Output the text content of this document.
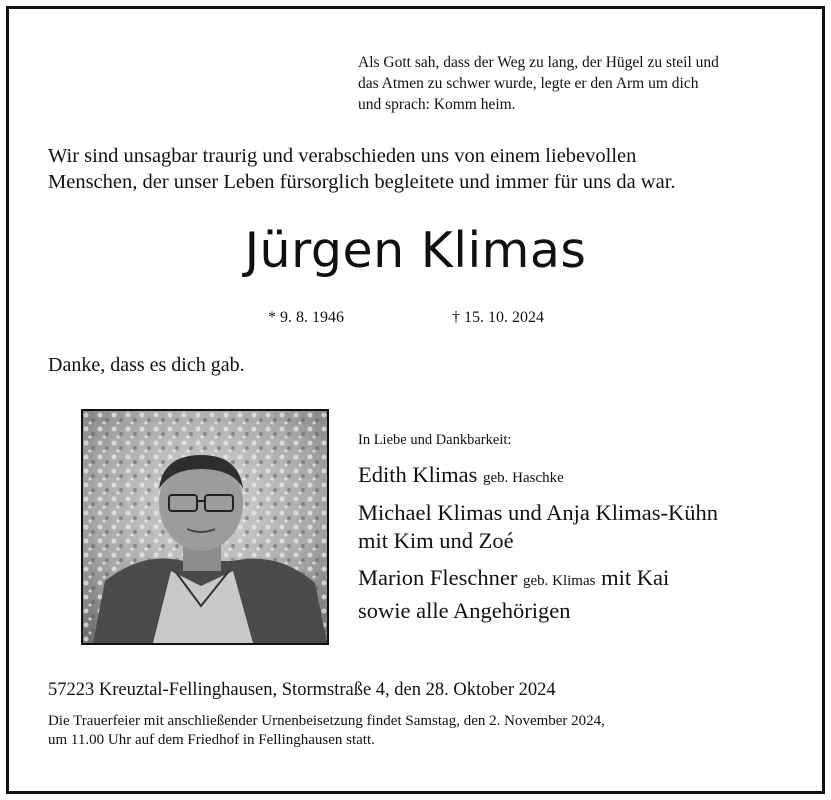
Als Gott sah, dass der Weg zu lang, der Hügel zu steil und
das Atmen zu schwer wurde, legte er den Arm um dich
und sprach: Komm heim.
Wir sind unsagbar traurig und verabschieden uns von einem liebevollen
Menschen, der unser Leben fürsorglich begleitete und immer für uns da war.
Jürgen Klimas
* 9. 8. 1946	† 15. 10. 2024
Danke, dass es dich gab.
In Liebe und Dankbarkeit:
Edith Klimas geb. Haschke
Michael Klimas und Anja Klimas-Kühn
mit Kim und Zoé
Marion Fleschner geb. Klimas mit Kai
sowie alle Angehörigen
57223 Kreuztal-Fellinghausen, Stormstraße 4, den 28. Oktober 2024
Die Trauerfeier mit anschließender Urnenbeisetzung findet Samstag, den 2. November 2024,
um 11.00 Uhr auf dem Friedhof in Fellinghausen statt.
